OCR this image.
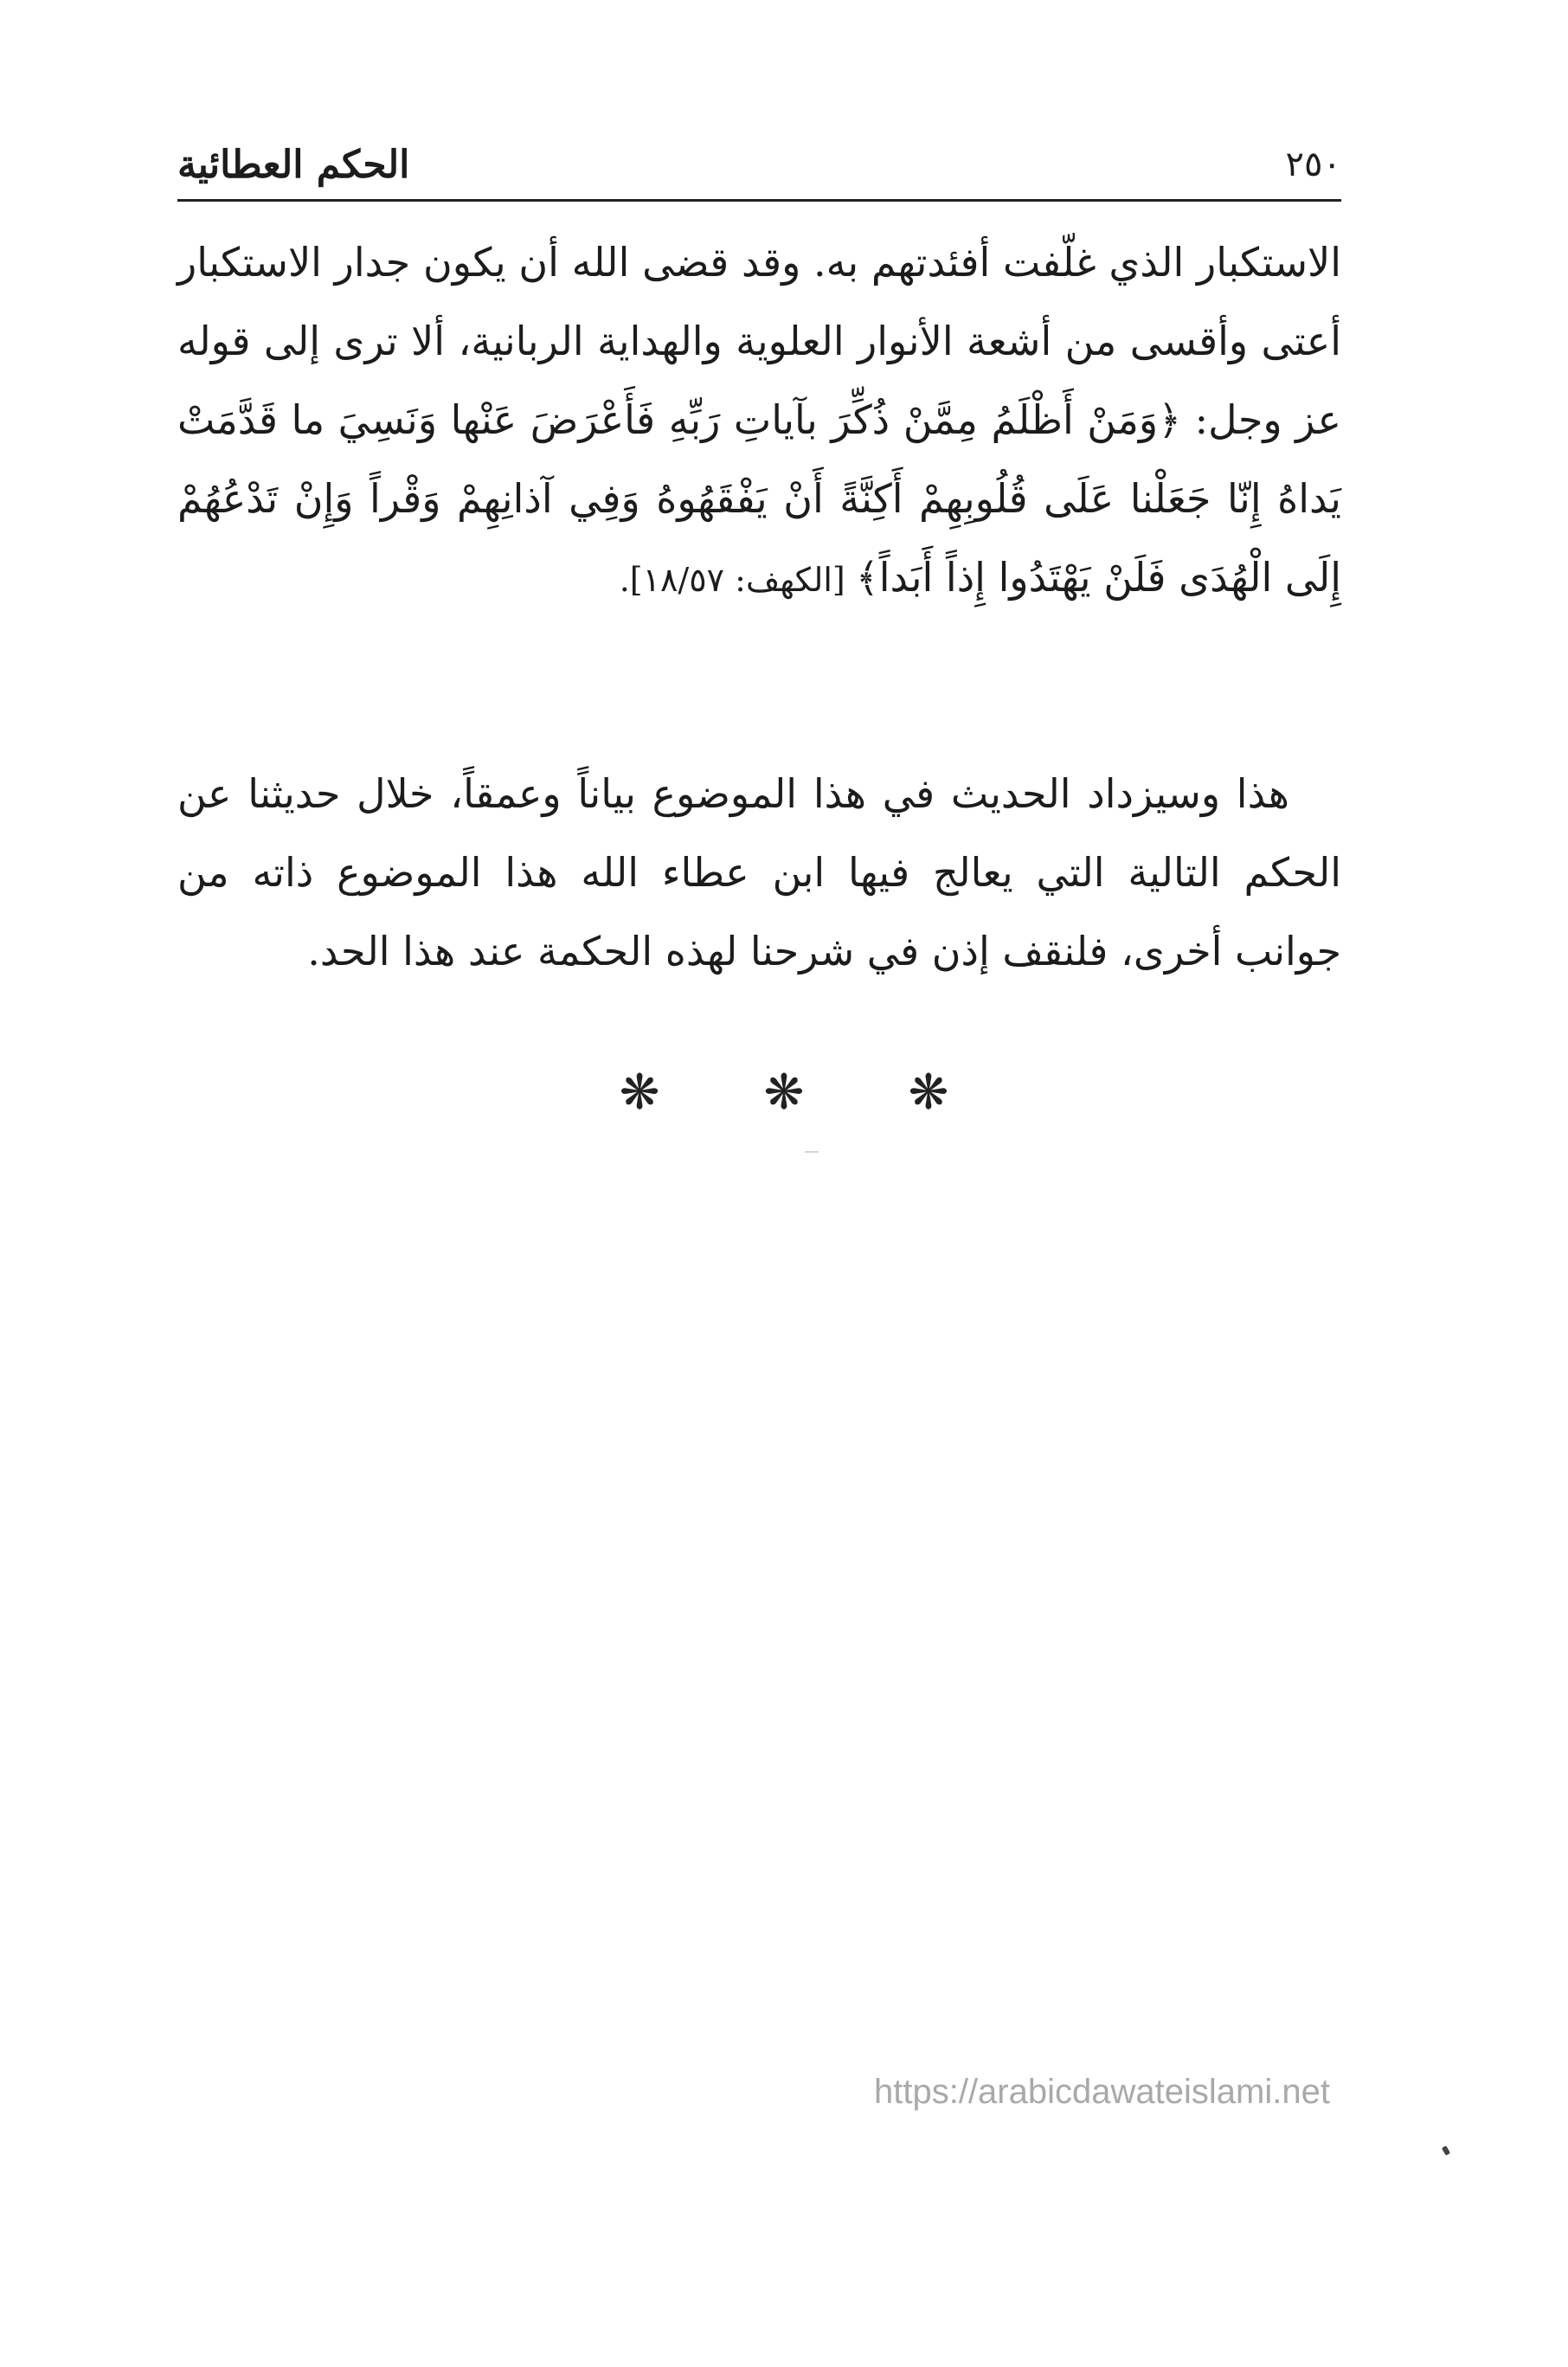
٢٥٠
الحكم العطائية

الاستكبار الذي غلّفت أفئدتهم به. وقد قضى الله أن يكون جدار الاستكبار أعتى وأقسى من أشعة الأنوار العلوية والهداية الربانية، ألا ترى إلى قوله عز وجل: ﴿وَمَنْ أَظْلَمُ مِمَّنْ ذُكِّرَ بآياتِ رَبِّهِ فَأَعْرَضَ عَنْها وَنَسِيَ ما قَدَّمَتْ يَداهُ إِنّا جَعَلْنا عَلَى قُلُوبِهِمْ أَكِنَّةً أَنْ يَفْقَهُوهُ وَفِي آذانِهِمْ وَقْراً وَإِنْ تَدْعُهُمْ إِلَى الْهُدَى فَلَنْ يَهْتَدُوا إِذاً أَبَداً﴾ [الكهف: ١٨/٥٧].

هذا وسيزداد الحديث في هذا الموضوع بياناً وعمقاً، خلال حديثنا عن الحكم التالية التي يعالج فيها ابن عطاء الله هذا الموضوع ذاته من جوانب أخرى، فلنقف إذن في شرحنا لهذه الحكمة عند هذا الحد.

❋ ❋ ❋
https://arabicdawateislami.net
